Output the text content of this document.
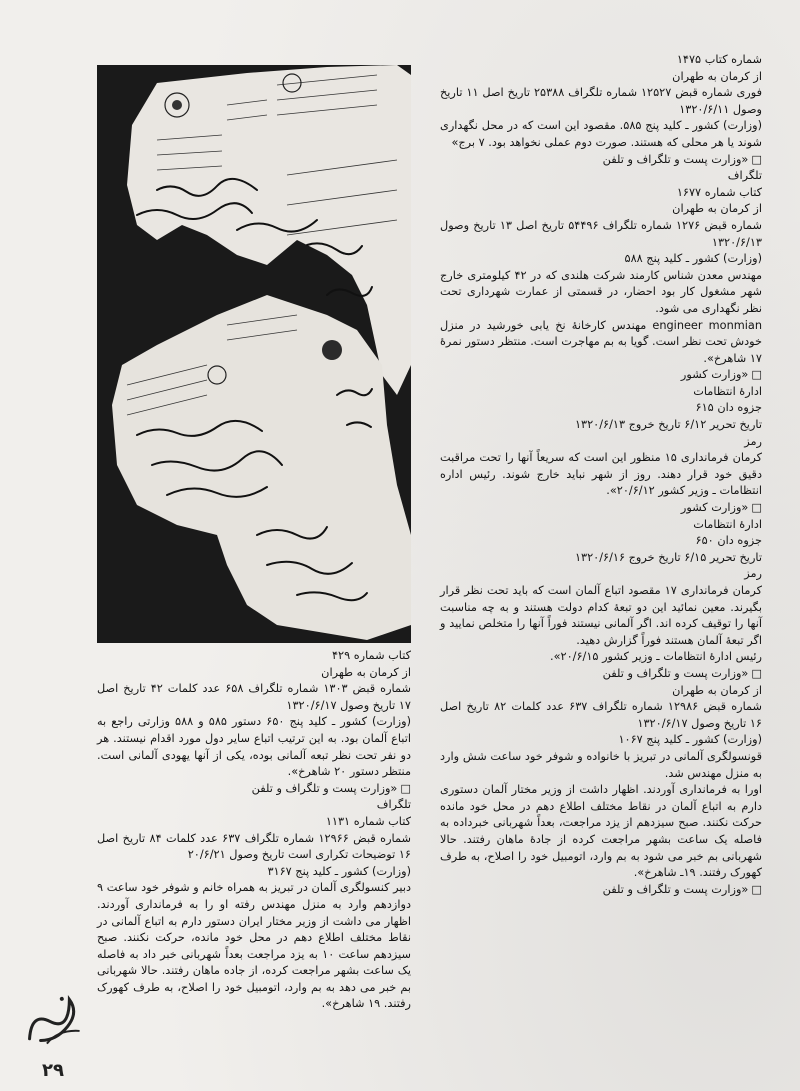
شماره کتاب ۱۴۷۵

از کرمان به طهران

فوری شماره قبض ۱۲۵۲۷ شماره تلگراف ۲۵۳۸۸ تاریخ اصل ۱۱ تاریخ وصول ۱۳۲۰/۶/۱۱

(وزارت) کشور ـ کلید پنج ۵۸۵. مقصود این است که در محل نگهداری شوند یا هر محلی که هستند. صورت دوم عملی نخواهد بود. ۷ برج»

□ «وزارت پست و تلگراف و تلفن

تلگراف

کتاب شماره ۱۶۷۷

از کرمان به طهران

شماره قبض ۱۲۷۶ شماره تلگراف ۵۴۴۹۶ تاریخ اصل ۱۳ تاریخ وصول ۱۳۲۰/۶/۱۳

(وزارت) کشور ـ کلید پنج ۵۸۸

مهندس معدن شناس کارمند شرکت هلندی که در ۴۲ کیلومتری خارج شهر مشغول کار بود احضار، در قسمتی از عمارت شهرداری تحت نظر نگهداری می شود.

engineer monmian مهندس کارخانۀ نخ یابی خورشید در منزل خودش تحت نظر است. گویا به بم مهاجرت است. منتظر دستور نمرۀ ۱۷ شاهرخ».

□ «وزارت کشور

ادارۀ انتظامات

جزوه دان ۶۱۵

تاریخ تحریر ۶/۱۲ تاریخ خروج ۱۳۲۰/۶/۱۳

رمز

کرمان فرمانداری ۱۵ منظور این است که سریعاً آنها را تحت مراقبت دقیق خود قرار دهند. روز از شهر نباید خارج شوند. رئیس اداره انتظامات ـ وزیر کشور ۲۰/۶/۱۲».

□ «وزارت کشور

ادارۀ انتظامات

جزوه دان ۶۵۰

تاریخ تحریر ۶/۱۵ تاریخ خروج ۱۳۲۰/۶/۱۶

رمز

کرمان فرمانداری ۱۷ مقصود اتباع آلمان است که باید تحت نظر قرار بگیرند. معین نمائید این دو تبعۀ کدام دولت هستند و به چه مناسبت آنها را توقیف کرده اند. اگر آلمانی نیستند فوراً آنها را متخلص نمایید و اگر تبعۀ آلمان هستند فوراً گزارش دهید.

رئیس ادارۀ انتظامات ـ وزیر کشور ۲۰/۶/۱۵».

□ «وزارت پست و تلگراف و تلفن

از کرمان به طهران

شماره قبض ۱۲۹۸۶ شماره تلگراف ۶۳۷ عدد کلمات ۸۲ تاریخ اصل ۱۶ تاریخ وصول ۱۳۲۰/۶/۱۷

(وزارت) کشور ـ کلید پنج ۱۰۶۷

قونسولگری آلمانی در تبریز با خانواده و شوفر خود ساعت شش وارد به منزل مهندس شد.

اورا به فرمانداری آوردند. اظهار داشت از وزیر مختار آلمان دستوری دارم به اتباع آلمان در نقاط مختلف اطلاع دهم در محل خود مانده حرکت نکنند. صبح سیزدهم از یزد مراجعت، بعداً شهربانی خبرداده به فاصله یک ساعت بشهر مراجعت کرده از جادۀ ماهان رفتند. حالا شهربانی بم خبر می شود به بم وارد، اتومبیل خود را اصلاح، به طرف کهورک رفتند. ۱۹ـ شاهرخ».

□ «وزارت پست و تلگراف و تلفن

کتاب شماره ۴۲۹

از کرمان به طهران

شماره قبض ۱۳۰۳ شماره تلگراف ۶۵۸ عدد کلمات ۴۲ تاریخ اصل ۱۷ تاریخ وصول ۱۳۲۰/۶/۱۷

(وزارت) کشور ـ کلید پنج ۶۵۰ دستور ۵۸۵ و ۵۸۸ وزارتی راجع به اتباع آلمان بود. به این ترتیب اتباع سایر دول مورد اقدام نیستند. هر دو نفر تحت نظر تبعه آلمانی بوده، یکی از آنها یهودی آلمانی است. منتظر دستور ۲۰ شاهرخ».

□ «وزارت پست و تلگراف و تلفن

تلگراف

کتاب شماره ۱۱۳۱

شماره قبض ۱۲۹۶۶ شماره تلگراف ۶۳۷ عدد کلمات ۸۴ تاریخ اصل ۱۶ توضیحات تکراری است تاریخ وصول ۲۰/۶/۲۱

(وزارت) کشور ـ کلید پنج ۳۱۶۷

دبیر کنسولگری آلمان در تبریز به همراه خانم و شوفر خود ساعت ۹ دوازدهم وارد به منزل مهندس رفته او را به فرمانداری آوردند. اظهار می داشت از وزیر مختار ایران دستور دارم به اتباع آلمانی در نقاط مختلف اطلاع دهم در محل خود مانده، حرکت نکنند. صبح سیزدهم ساعت ۱۰ به یزد مراجعت بعداً شهربانی خبر داد به فاصله یک ساعت بشهر مراجعت کرده، از جاده ماهان رفتند. حالا شهربانی بم خبر می دهد به بم وارد، اتومبیل خود را اصلاح، به طرف کهورک رفتند. ۱۹ شاهرخ».

۲۹
